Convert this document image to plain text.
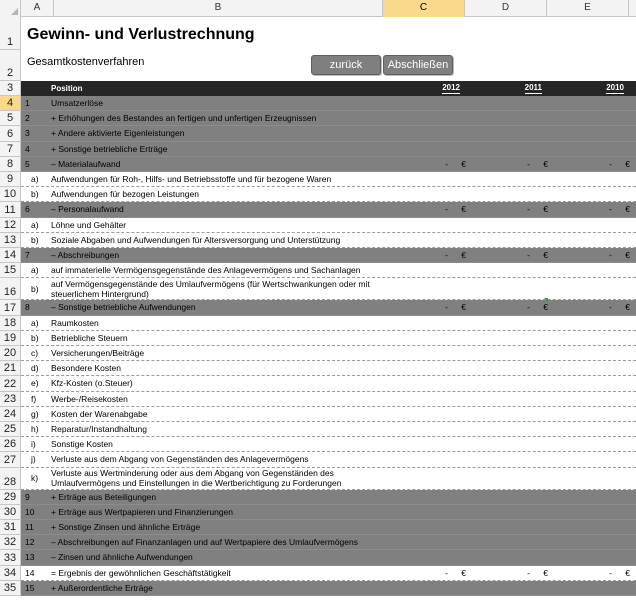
A	B	C	D	E
1
2
3
4
5
6
7
8
9
10
11
12
13
14
15
16
17
18
19
20
21
22
23
24
25
26
27
28
29
30
31
32
33
34
35
Gewinn- und Verlustrechnung
Gesamtkostenverfahren	zurück	Abschließen
Position	2012	2011	2010
1	Umsatzerlöse
2	+ Erhöhungen des Bestandes an fertigen und unfertigen Erzeugnissen
3	+ Andere aktivierte Eigenleistungen
4	+ Sonstige betriebliche Erträge
5	– Materialaufwand	-	€	-	€	-	€
a)	Aufwendungen für Roh-, Hilfs- und Betriebsstoffe und für bezogene Waren
b)	Aufwendungen für bezogen Leistungen
6	– Personalaufwand	-	€	-	€	-	€
a)	Löhne und Gehälter
b)	Soziale Abgaben und Aufwendungen für Altersversorgung und Unterstützung
7	– Abschreibungen	-	€	-	€	-	€
a)	auf immaterielle Vermögensgegenstände des Anlagevermögens und Sachanlagen
b)	auf Vermögensgegenstände des Umlaufvermögens (für Wertschwankungen oder mit steuerlichem Hintergrund)
8	– Sonstige betriebliche Aufwendungen	-	€	-	€	-	€
a)	Raumkosten
b)	Betriebliche Steuern
c)	Versicherungen/Beiträge
d)	Besondere Kosten
e)	Kfz-Kosten (o.Steuer)
f)	Werbe-/Reisekosten
g)	Kosten der Warenabgabe
h)	Reparatur/Instandhaltung
i)	Sonstige Kosten
j)	Verluste aus dem Abgang von Gegenständen des Anlagevermögens
k)	Verluste aus Wertminderung oder aus dem Abgang von Gegenständen des Umlaufvermögens und Einstellungen in die Wertberichtigung zu Forderungen
9	+ Erträge aus Beteiligungen
10	+ Erträge aus Wertpapieren und Finanzierungen
11	+ Sonstige Zinsen und ähnliche Erträge
12	– Abschreibungen auf Finanzanlagen und auf Wertpapiere des Umlaufvermögens
13	– Zinsen und ähnliche Aufwendungen
14	= Ergebnis der gewöhnlichen Geschäftstätigkeit	-	€	-	€	-	€
15	+ Außerordentliche Erträge
